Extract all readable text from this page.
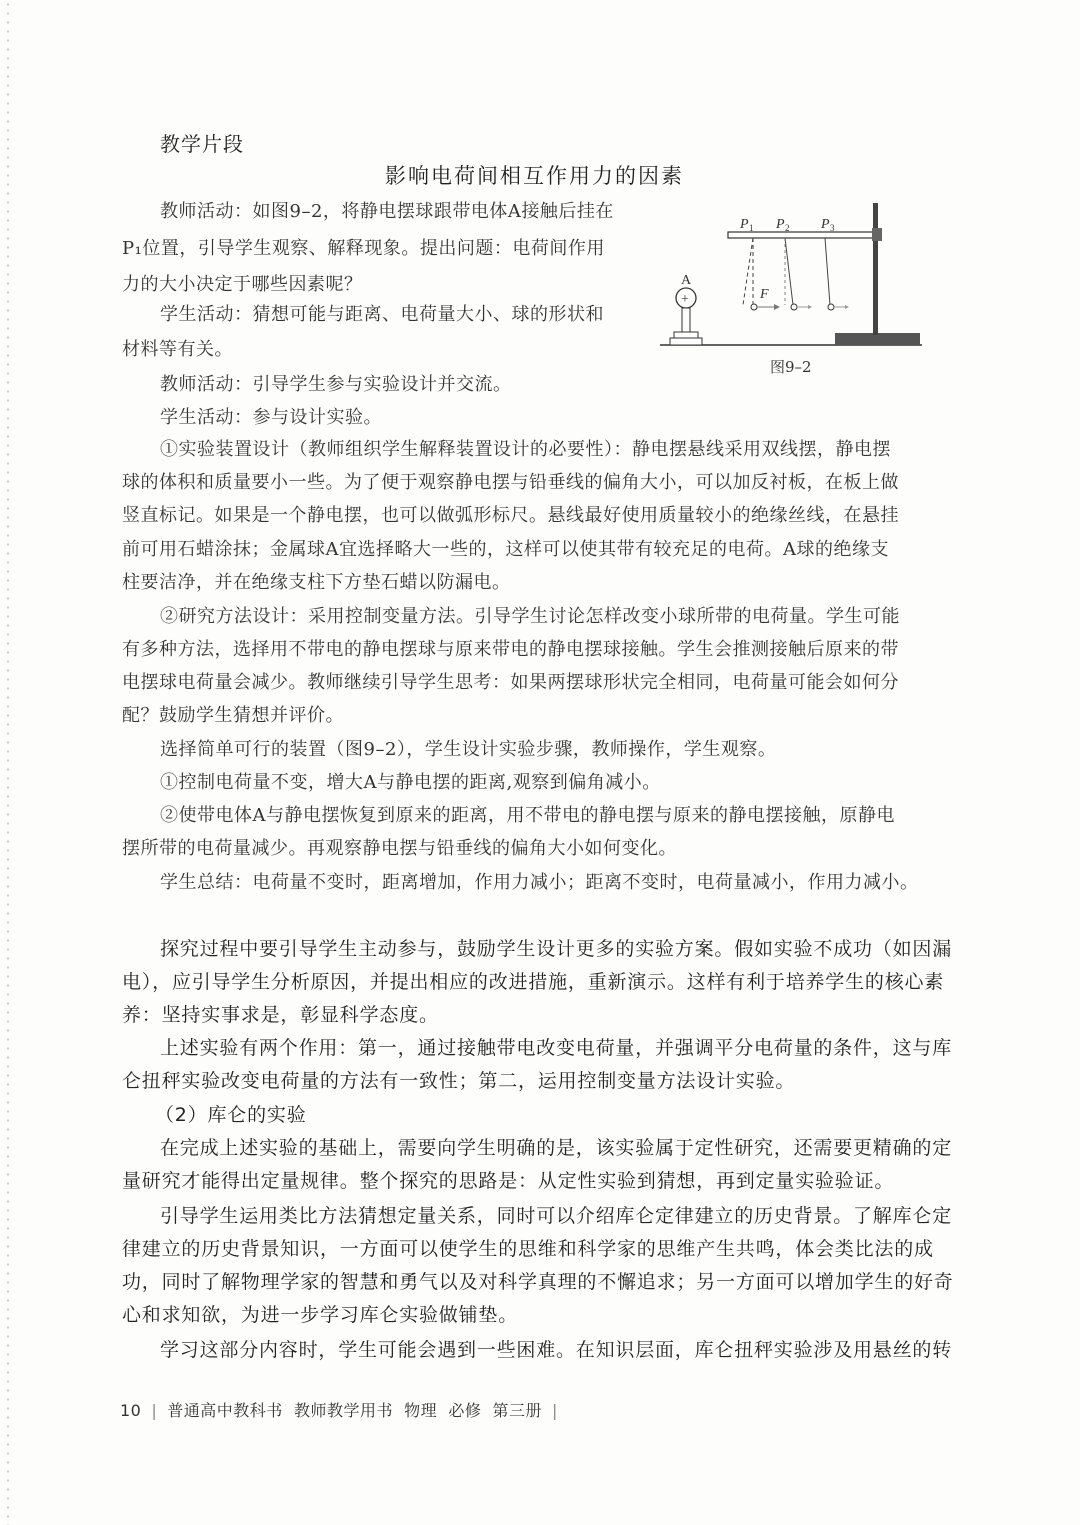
教学片段
影响电荷间相互作用力的因素
教师活动：如图9–2，将静电摆球跟带电体A接触后挂在
P₁位置，引导学生观察、解释现象。提出问题：电荷间作用
力的大小决定于哪些因素呢？
学生活动：猜想可能与距离、电荷量大小、球的形状和
材料等有关。
教师活动：引导学生参与实验设计并交流。
学生活动：参与设计实验。
①实验装置设计（教师组织学生解释装置设计的必要性）：静电摆悬线采用双线摆，静电摆
球的体积和质量要小一些。为了便于观察静电摆与铅垂线的偏角大小，可以加反衬板，在板上做
竖直标记。如果是一个静电摆，也可以做弧形标尺。悬线最好使用质量较小的绝缘丝线，在悬挂
前可用石蜡涂抹；金属球A宜选择略大一些的，这样可以使其带有较充足的电荷。A球的绝缘支
柱要洁净，并在绝缘支柱下方垫石蜡以防漏电。
②研究方法设计：采用控制变量方法。引导学生讨论怎样改变小球所带的电荷量。学生可能
有多种方法，选择用不带电的静电摆球与原来带电的静电摆球接触。学生会推测接触后原来的带
电摆球电荷量会减少。教师继续引导学生思考：如果两摆球形状完全相同，电荷量可能会如何分
配？鼓励学生猜想并评价。
选择简单可行的装置（图9–2），学生设计实验步骤，教师操作，学生观察。
①控制电荷量不变，增大A与静电摆的距离,观察到偏角减小。
②使带电体A与静电摆恢复到原来的距离，用不带电的静电摆与原来的静电摆接触，原静电
摆所带的电荷量减少。再观察静电摆与铅垂线的偏角大小如何变化。
学生总结：电荷量不变时，距离增加，作用力减小；距离不变时，电荷量减小，作用力减小。
A
+	F
P 1 P 2 P 3
图9–2
探究过程中要引导学生主动参与，鼓励学生设计更多的实验方案。假如实验不成功（如因漏
电），应引导学生分析原因，并提出相应的改进措施，重新演示。这样有利于培养学生的核心素
养：坚持实事求是，彰显科学态度。
上述实验有两个作用：第一，通过接触带电改变电荷量，并强调平分电荷量的条件，这与库
仑扭秤实验改变电荷量的方法有一致性；第二，运用控制变量方法设计实验。
（2）库仑的实验
在完成上述实验的基础上，需要向学生明确的是，该实验属于定性研究，还需要更精确的定
量研究才能得出定量规律。整个探究的思路是：从定性实验到猜想，再到定量实验验证。
引导学生运用类比方法猜想定量关系，同时可以介绍库仑定律建立的历史背景。了解库仑定
律建立的历史背景知识，一方面可以使学生的思维和科学家的思维产生共鸣，体会类比法的成
功，同时了解物理学家的智慧和勇气以及对科学真理的不懈追求；另一方面可以增加学生的好奇
心和求知欲，为进一步学习库仑实验做铺垫。
学习这部分内容时，学生可能会遇到一些困难。在知识层面，库仑扭秤实验涉及用悬丝的转
10 | 普通高中教科书 教师教学用书 物理 必修 第三册 |
